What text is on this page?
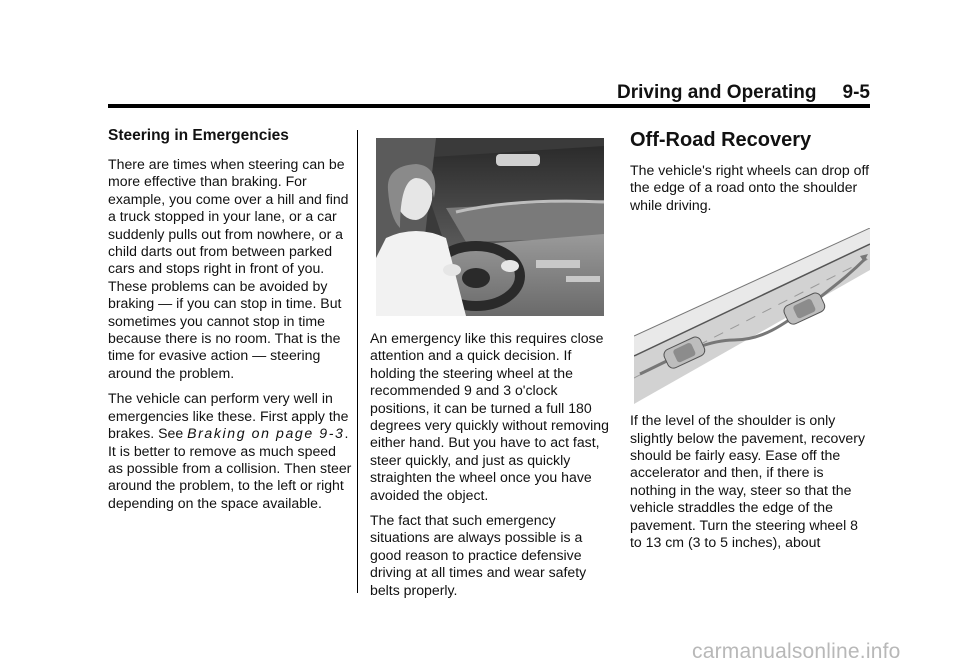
Driving and Operating 9-5
Steering in Emergencies

There are times when steering can be more effective than braking. For example, you come over a hill and find a truck stopped in your lane, or a car suddenly pulls out from nowhere, or a child darts out from between parked cars and stops right in front of you. These problems can be avoided by braking — if you can stop in time. But sometimes you cannot stop in time because there is no room. That is the time for evasive action — steering around the problem.

The vehicle can perform very well in emergencies like these. First apply the brakes. See Braking on page 9-3. It is better to remove as much speed as possible from a collision. Then steer around the problem, to the left or right depending on the space available.

An emergency like this requires close attention and a quick decision. If holding the steering wheel at the recommended 9 and 3 o'clock positions, it can be turned a full 180 degrees very quickly without removing either hand. But you have to act fast, steer quickly, and just as quickly straighten the wheel once you have avoided the object.

The fact that such emergency situations are always possible is a good reason to practice defensive driving at all times and wear safety belts properly.

Off-Road Recovery

The vehicle's right wheels can drop off the edge of a road onto the shoulder while driving.

If the level of the shoulder is only slightly below the pavement, recovery should be fairly easy. Ease off the accelerator and then, if there is nothing in the way, steer so that the vehicle straddles the edge of the pavement. Turn the steering wheel 8 to 13 cm (3 to 5 inches), about

carmanualsonline.info
